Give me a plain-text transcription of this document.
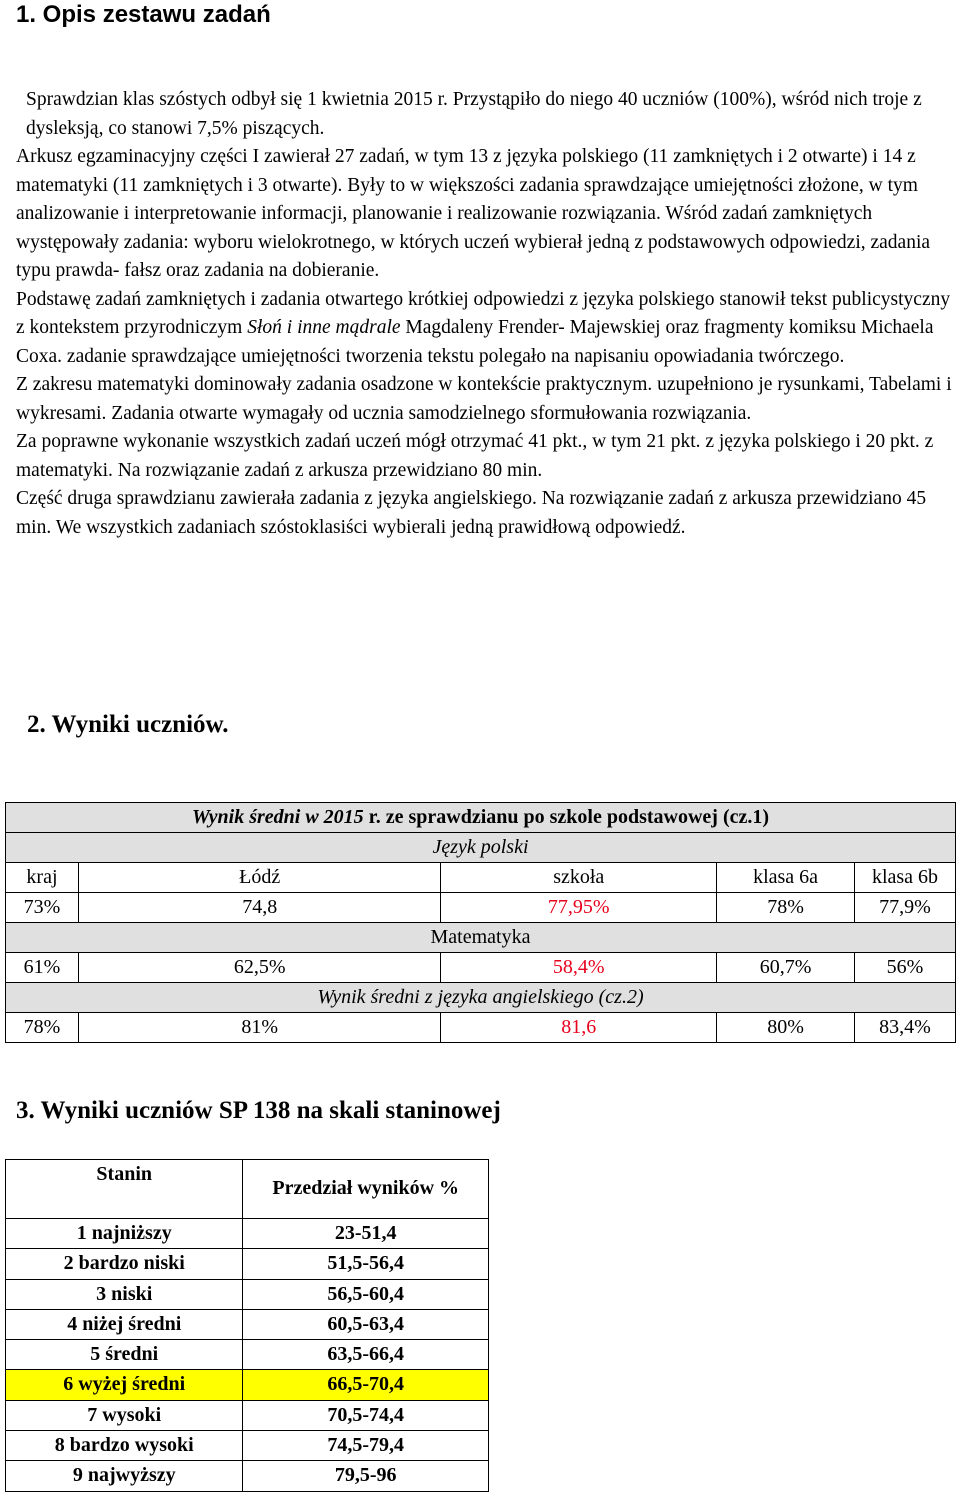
1. Opis zestawu zadań

Sprawdzian klas szóstych odbył się 1 kwietnia 2015 r. Przystąpiło do niego 40 uczniów (100%), wśród nich troje z dysleksją, co stanowi 7,5% piszących.

Arkusz egzaminacyjny części I zawierał 27 zadań, w tym 13 z języka polskiego (11 zamkniętych i 2 otwarte) i 14 z matematyki (11 zamkniętych i 3 otwarte). Były to w większości zadania sprawdzające umiejętności złożone, w tym analizowanie i interpretowanie informacji, planowanie i realizowanie rozwiązania. Wśród zadań zamkniętych występowały zadania: wyboru wielokrotnego, w których uczeń wybierał jedną z podstawowych odpowiedzi, zadania typu prawda- fałsz oraz zadania na dobieranie.

Podstawę zadań zamkniętych i zadania otwartego krótkiej odpowiedzi z języka polskiego stanowił tekst publicystyczny z kontekstem przyrodniczym Słoń i inne mądrale Magdaleny Frender- Majewskiej oraz fragmenty komiksu Michaela Coxa. zadanie sprawdzające umiejętności tworzenia tekstu polegało na napisaniu opowiadania twórczego.

Z zakresu matematyki dominowały zadania osadzone w kontekście praktycznym. uzupełniono je rysunkami, Tabelami i wykresami. Zadania otwarte wymagały od ucznia samodzielnego sformułowania rozwiązania.

Za poprawne wykonanie wszystkich zadań uczeń mógł otrzymać 41 pkt., w tym 21 pkt. z języka polskiego i 20 pkt. z matematyki. Na rozwiązanie zadań z arkusza przewidziano 80 min.

Część druga sprawdzianu zawierała zadania z języka angielskiego. Na rozwiązanie zadań z arkusza przewidziano 45 min. We wszystkich zadaniach szóstoklasiści wybierali jedną prawidłową odpowiedź.

2. Wyniki uczniów.
Wynik średni w 2015 r. ze sprawdzianu po szkole podstawowej (cz.1)				
Język polski				
kraj	Łódź	szkoła	klasa 6a	klasa 6b
73%	74,8	77,95%	78%	77,9%
Matematyka				
61%	62,5%	58,4%	60,7%	56%
Wynik średni z języka angielskiego (cz.2)				
78%	81%	81,6	80%	83,4%
3. Wyniki uczniów SP 138 na skali staninowej
Stanin	Przedział wyników %
1 najniższy	23-51,4
2 bardzo niski	51,5-56,4
3 niski	56,5-60,4
4 niżej średni	60,5-63,4
5 średni	63,5-66,4
6 wyżej średni	66,5-70,4
7 wysoki	70,5-74,4
8 bardzo wysoki	74,5-79,4
9 najwyższy	79,5-96
